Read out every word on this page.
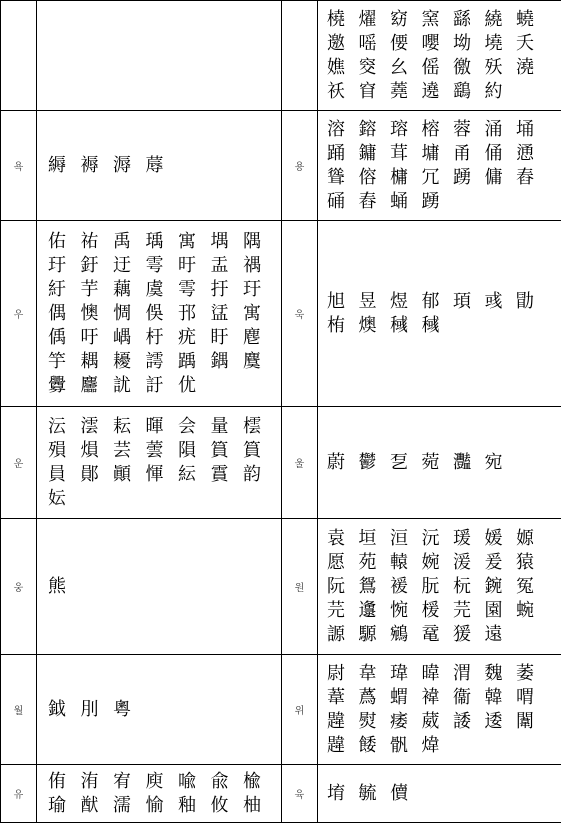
			橈 燿 窈 窯 繇 繞 蟯邀 嗂 偠 嚶 坳 墝 夭嫶 窔 幺 傜 徼 殀 澆祅 窅 蕘 遶 鷂 約
욕	縟 褥 溽 蓐	용	溶 鎔 瑢 榕 蓉 涌 埇踊 鏞 茸 墉 甬 俑 慂聳 傛 槦 冗 踴 傭 舂硧 舂 蛹 踴
우	佑 祐 禹 瑀 寓 堣 隅玗 釪 迂 雩 旴 盂 禑紆 芋 藕 虞 雩 扜 玗偶 懊 惆 俁 邘 盓 寓偊 吁 嵎 杅 疣 盱 麀竽 耦 耰 謣 踽 鍝 麌釁 麢 訧 訏 优	욱	旭 昱 煜 郁 頊 彧 勖栯 燠 稶 稶
운	沄 澐 耘 暉 会 量 橒殞 熉 芸 蕓 隕 篔 篔員 鄖 顚 惲 紜 霣 韵妘	울	蔚 鬱 乭 菀 灩 宛
웅	熊	원	袁 垣 洹 沅 瑗 媛 嫄愿 苑 轅 婉 湲 爰 猿阮 鴛 褑 朊 杬 鋺 冤芫 邍 惋 楥 芫 園 蜿謜 騵 鵷 鼋 猨 遠
월	鉞 刖 粵	위	尉 韋 瑋 暐 渭 魏 萎葦 蔿 蝟 褘 衞 韓 喟韙 熨 痿 葳 諉 逶 闈韙 餧 骪 煒
유	侑 洧 宥 庾 喩 兪 楡瑜 猷 濡 愉 釉 攸 柚	육	堉 毓 儥
